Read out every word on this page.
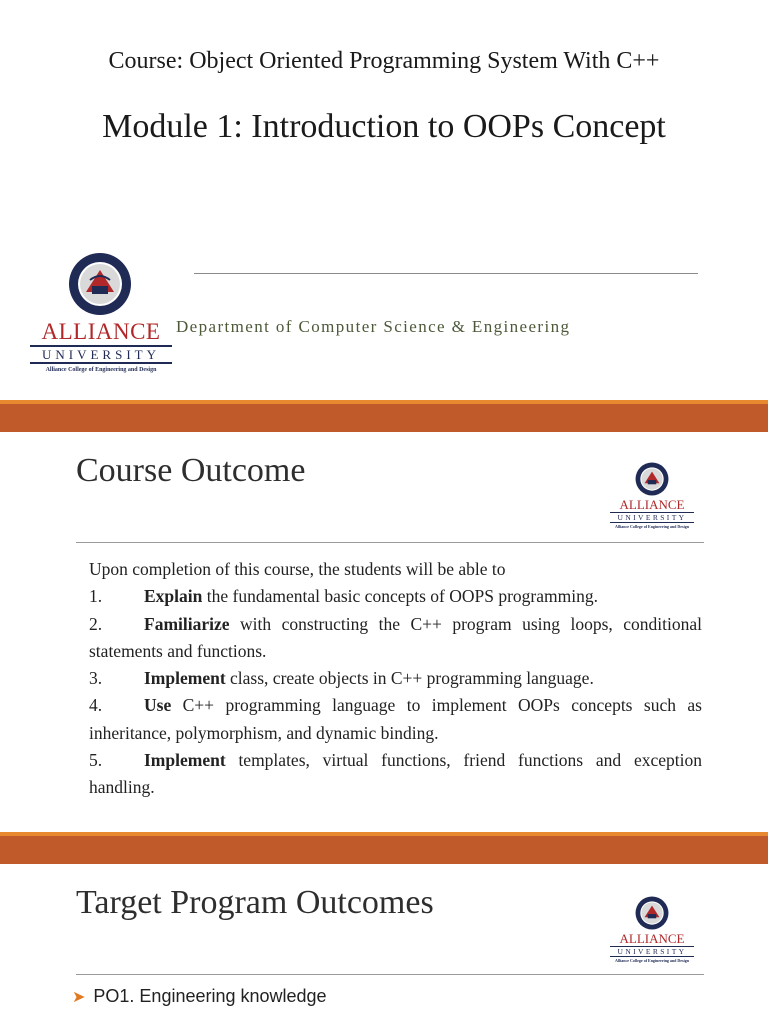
Course: Object Oriented Programming System With C++
Module 1: Introduction to OOPs Concept
ALLIANCE
UNIVERSITY
Alliance College of Engineering and Design
Department of Computer Science & Engineering
Course Outcome
ALLIANCE
UNIVERSITY
Alliance College of Engineering and Design
Upon completion of this course, the students will be able to
1. Explain the fundamental basic concepts of OOPS programming.
2. Familiarize with constructing the C++ program using loops, conditional statements and functions.
3. Implement class, create objects in C++ programming language.
4. Use C++ programming language to implement OOPs concepts such as inheritance, polymorphism, and dynamic binding.
5. Implement templates, virtual functions, friend functions and exception handling.
Target Program Outcomes
ALLIANCE
UNIVERSITY
Alliance College of Engineering and Design
➤ PO1. Engineering knowledge
